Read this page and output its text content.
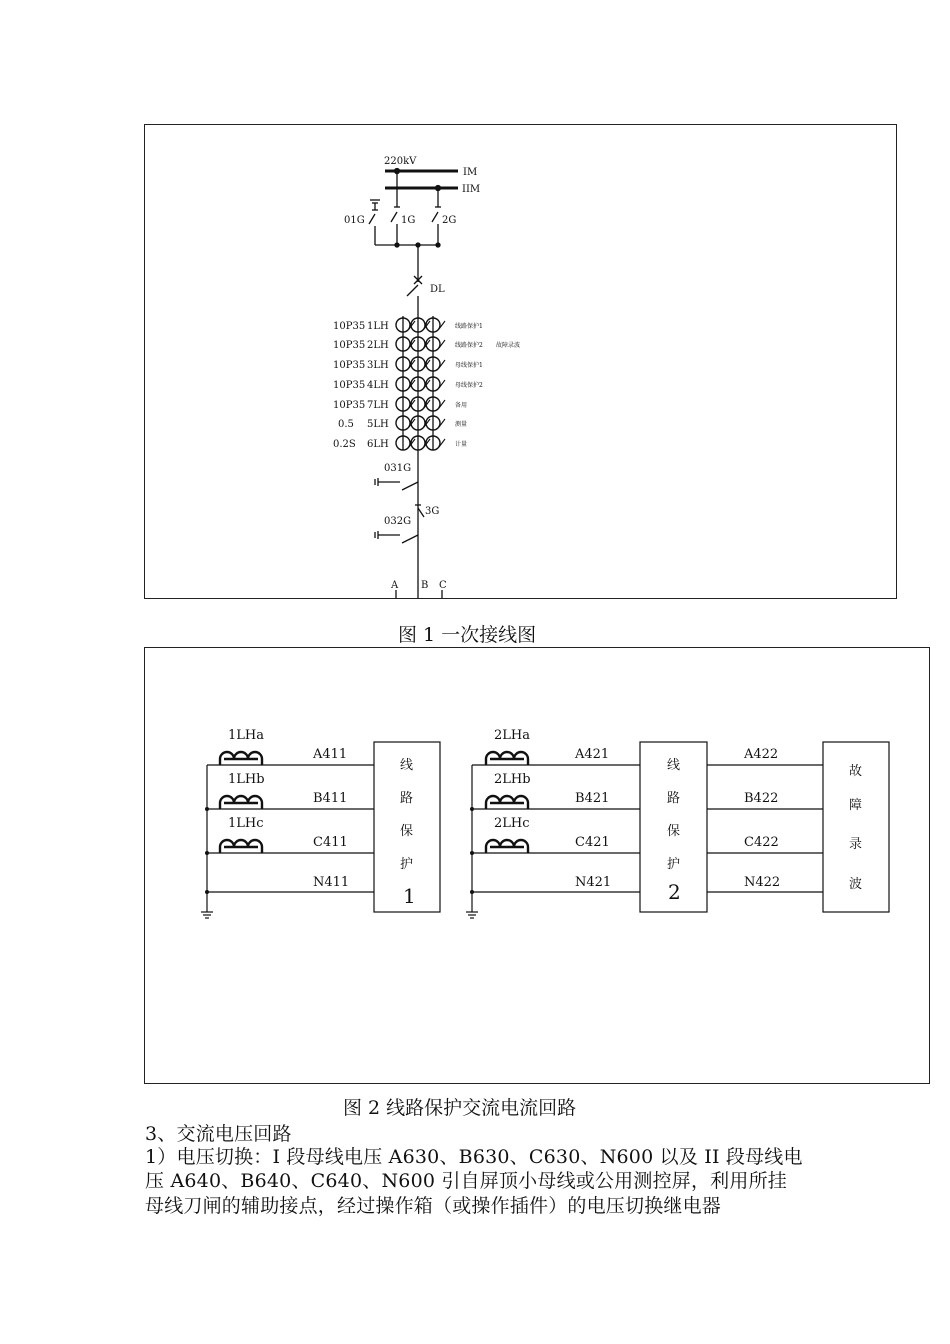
220kV
IM
IIM
01G	1G	2G
DL
10P35 1LH
10P35 2LH
10P35 3LH
10P35 4LH
10P35 7LH
0.5 5LH
0.2S 6LH
031G
3G
032G
A B C
线路保护1
线路保护2
母线保护1
母线保护2
备用
测量
计量
故障录波
图 1 一次接线图
1LHa
1LHb
1LHc
2LHa
2LHb
2LHc
A411
B411
C411
N411
A421
B421
C421
N421
A422
B422
C422
N422
线
路
保
护
线
路
保
护
故
障
录
波
1	2
图 2 线路保护交流电流回路
3、交流电压回路
1）电压切换：I 段母线电压 A630、B630、C630、N600 以及 II 段母线电
压 A640、B640、C640、N600 引自屏顶小母线或公用测控屏，利用所挂
母线刀闸的辅助接点，经过操作箱（或操作插件）的电压切换继电器
